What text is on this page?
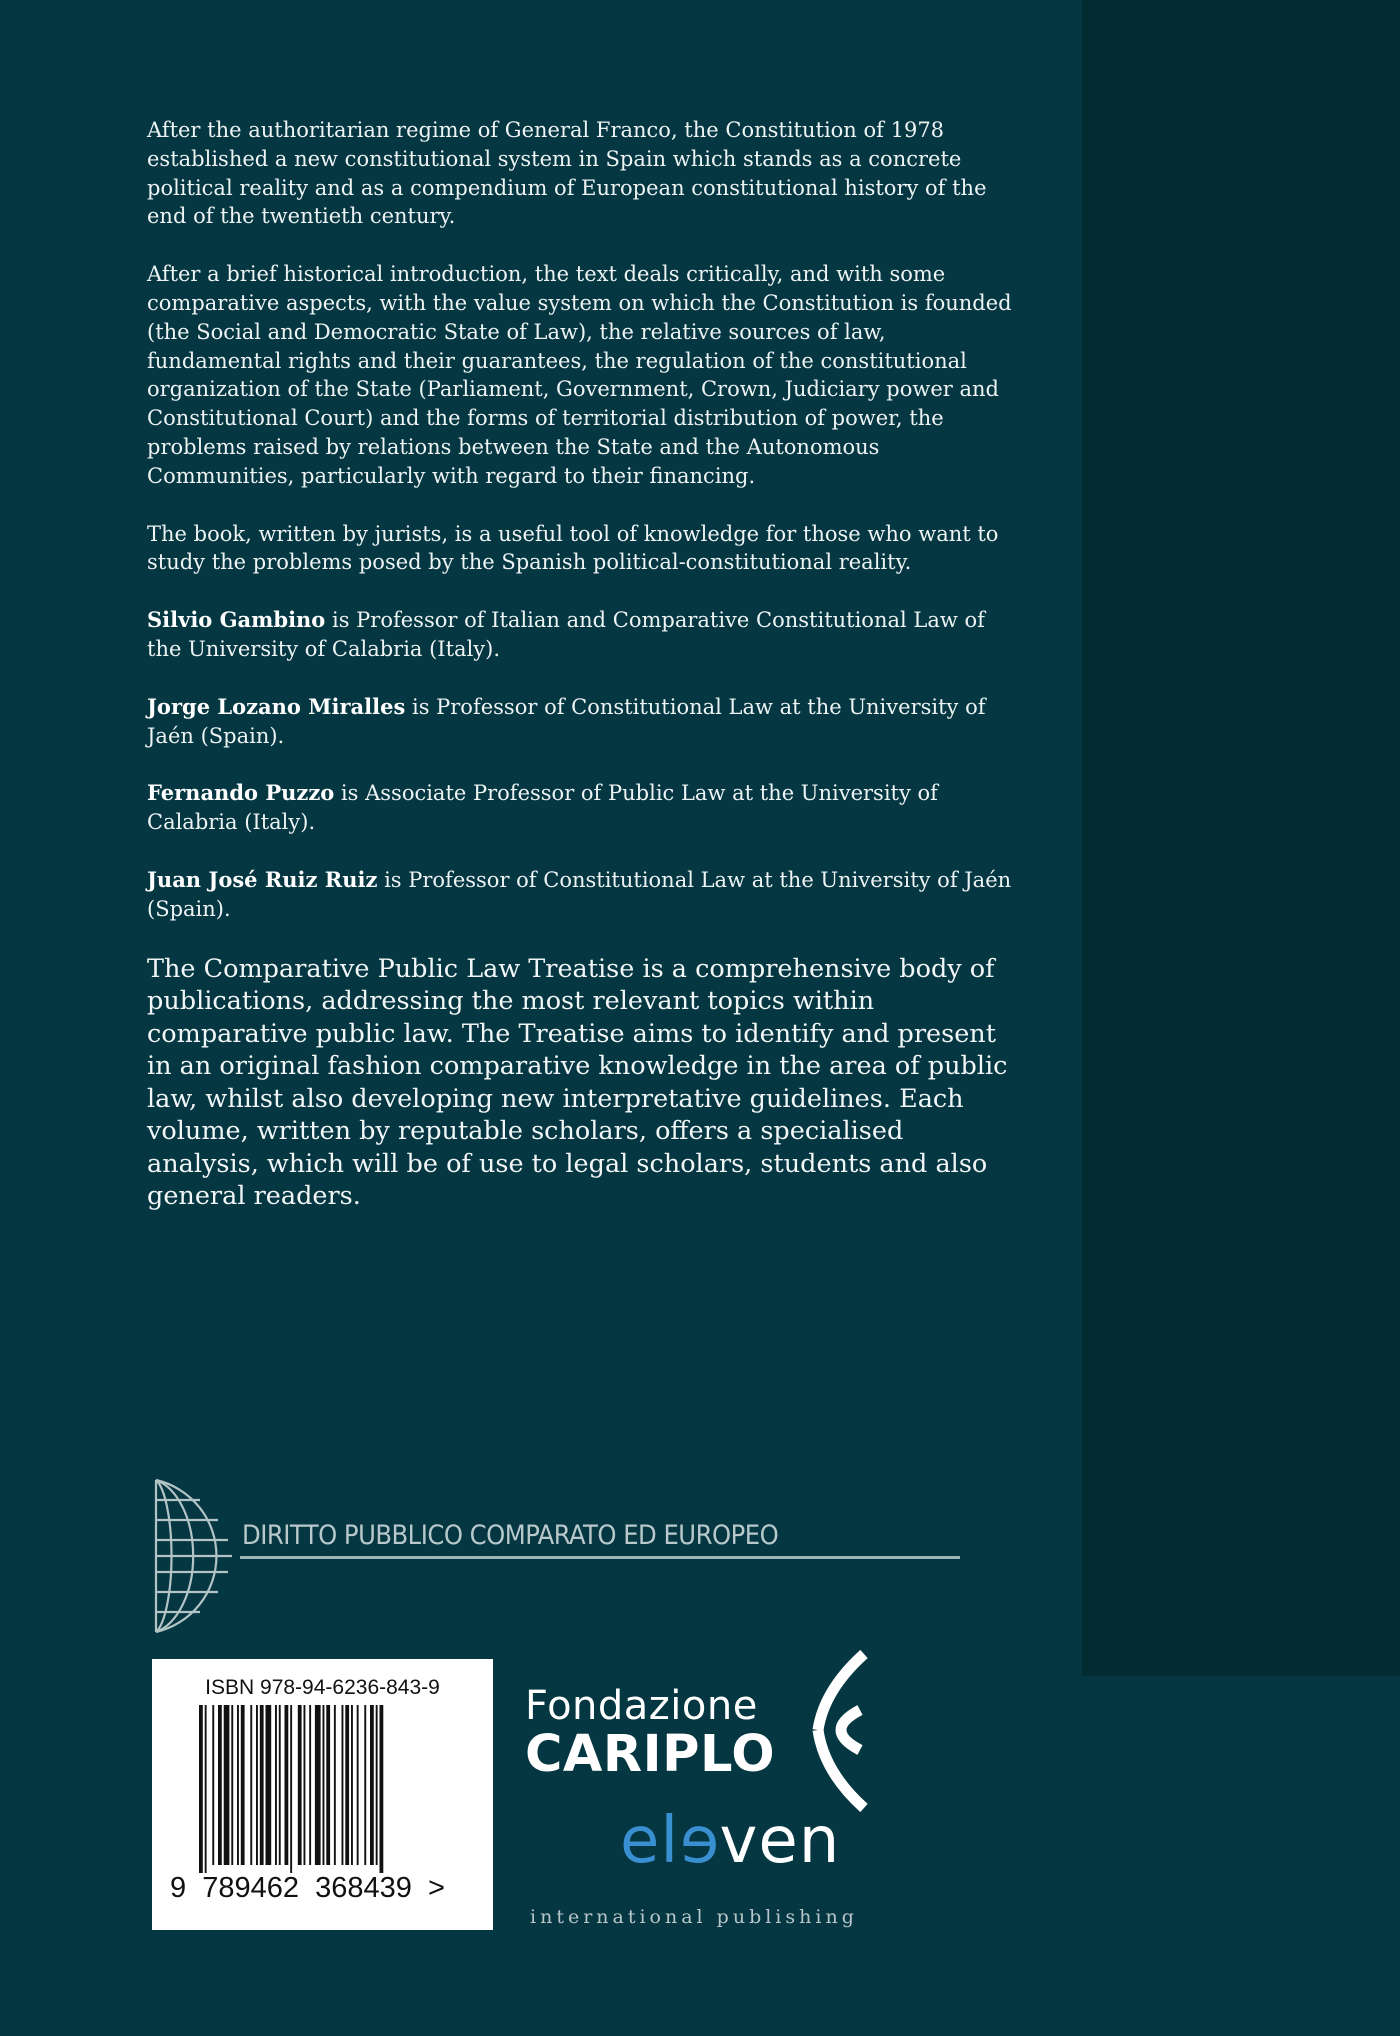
After the authoritarian regime of General Franco, the Constitution of 1978 established a new constitutional system in Spain which stands as a concrete political reality and as a compendium of European constitutional history of the end of the twentieth century.

After a brief historical introduction, the text deals critically, and with some comparative aspects, with the value system on which the Constitution is founded (the Social and Democratic State of Law), the relative sources of law, fundamental rights and their guarantees, the regulation of the constitutional organization of the State (Parliament, Government, Crown, Judiciary power and Constitutional Court) and the forms of territorial distribution of power, the problems raised by relations between the State and the Autonomous Communities, particularly with regard to their financing.

The book, written by jurists, is a useful tool of knowledge for those who want to study the problems posed by the Spanish political-constitutional reality.

Silvio Gambino is Professor of Italian and Comparative Constitutional Law of the University of Calabria (Italy).

Jorge Lozano Miralles is Professor of Constitutional Law at the University of Jaén (Spain).

Fernando Puzzo is Associate Professor of Public Law at the University of Calabria (Italy).

Juan José Ruiz Ruiz is Professor of Constitutional Law at the University of Jaén (Spain).

The Comparative Public Law Treatise is a comprehensive body of publications, addressing the most relevant topics within comparative public law. The Treatise aims to identify and present in an original fashion comparative knowledge in the area of public law, whilst also developing new interpretative guidelines. Each volume, written by reputable scholars, offers a specialised analysis, which will be of use to legal scholars, students and also general readers.

DIRITTO PUBBLICO COMPARATO ED EUROPEO
ISBN 978-94-6236-843-9
9  789462  368439  >
Fondazione
CARIPLO
eleven
international publishing
